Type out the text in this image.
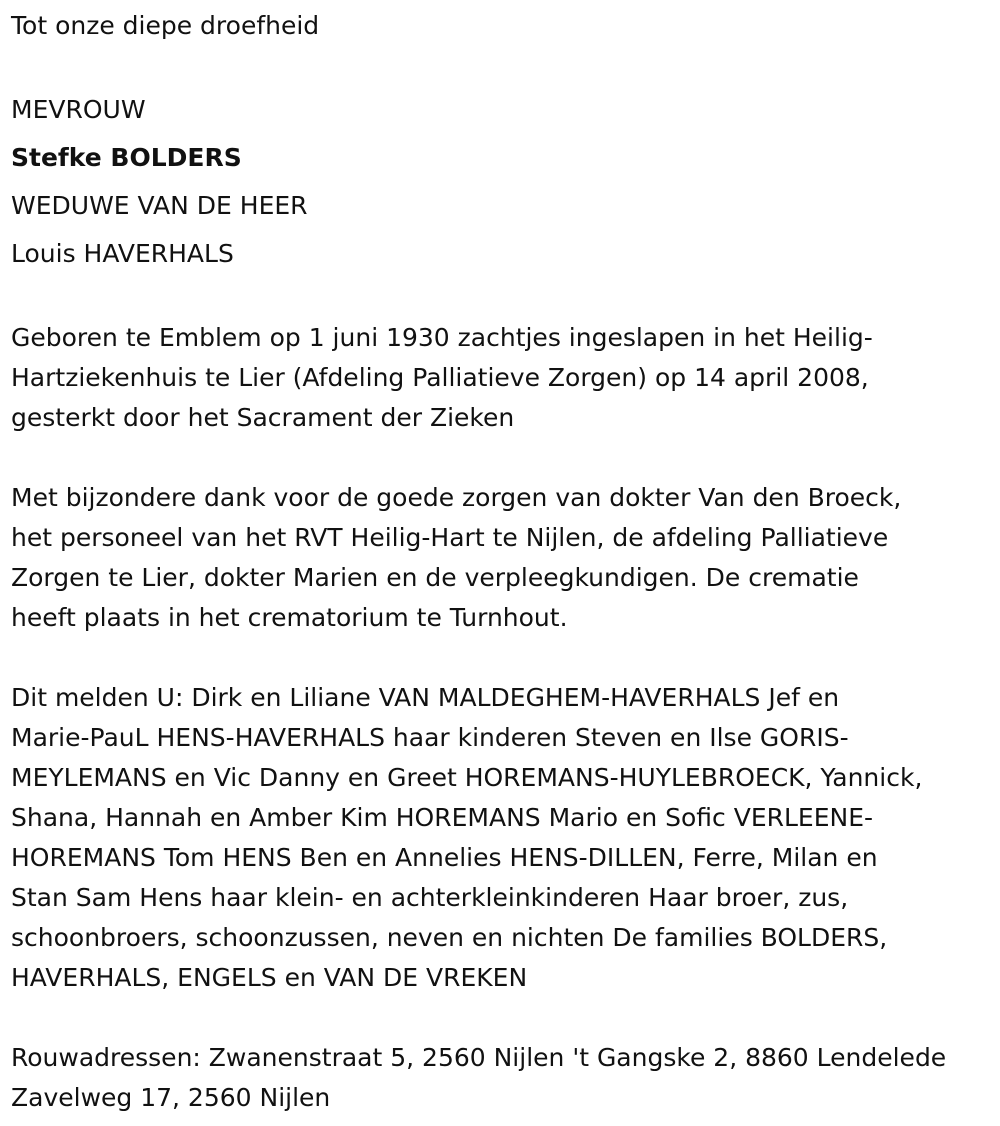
Tot onze diepe droefheid
MEVROUW
Stefke BOLDERS
WEDUWE VAN DE HEER
Louis HAVERHALS
Geboren te Emblem op 1 juni 1930 zachtjes ingeslapen in het Heilig-
Hartziekenhuis te Lier (Afdeling Palliatieve Zorgen) op 14 april 2008,
gesterkt door het Sacrament der Zieken
Met bijzondere dank voor de goede zorgen van dokter Van den Broeck,
het personeel van het RVT Heilig-Hart te Nijlen, de afdeling Palliatieve
Zorgen te Lier, dokter Marien en de verpleegkundigen. De crematie
heeft plaats in het crematorium te Turnhout.
Dit melden U: Dirk en Liliane VAN MALDEGHEM-HAVERHALS Jef en
Marie-PauL HENS-HAVERHALS haar kinderen Steven en Ilse GORIS-
MEYLEMANS en Vic Danny en Greet HOREMANS-HUYLEBROECK, Yannick,
Shana, Hannah en Amber Kim HOREMANS Mario en Sofic VERLEENE-
HOREMANS Tom HENS Ben en Annelies HENS-DILLEN, Ferre, Milan en
Stan Sam Hens haar klein- en achterkleinkinderen Haar broer, zus,
schoonbroers, schoonzussen, neven en nichten De families BOLDERS,
HAVERHALS, ENGELS en VAN DE VREKEN
Rouwadressen: Zwanenstraat 5, 2560 Nijlen 't Gangske 2, 8860 Lendelede
Zavelweg 17, 2560 Nijlen
